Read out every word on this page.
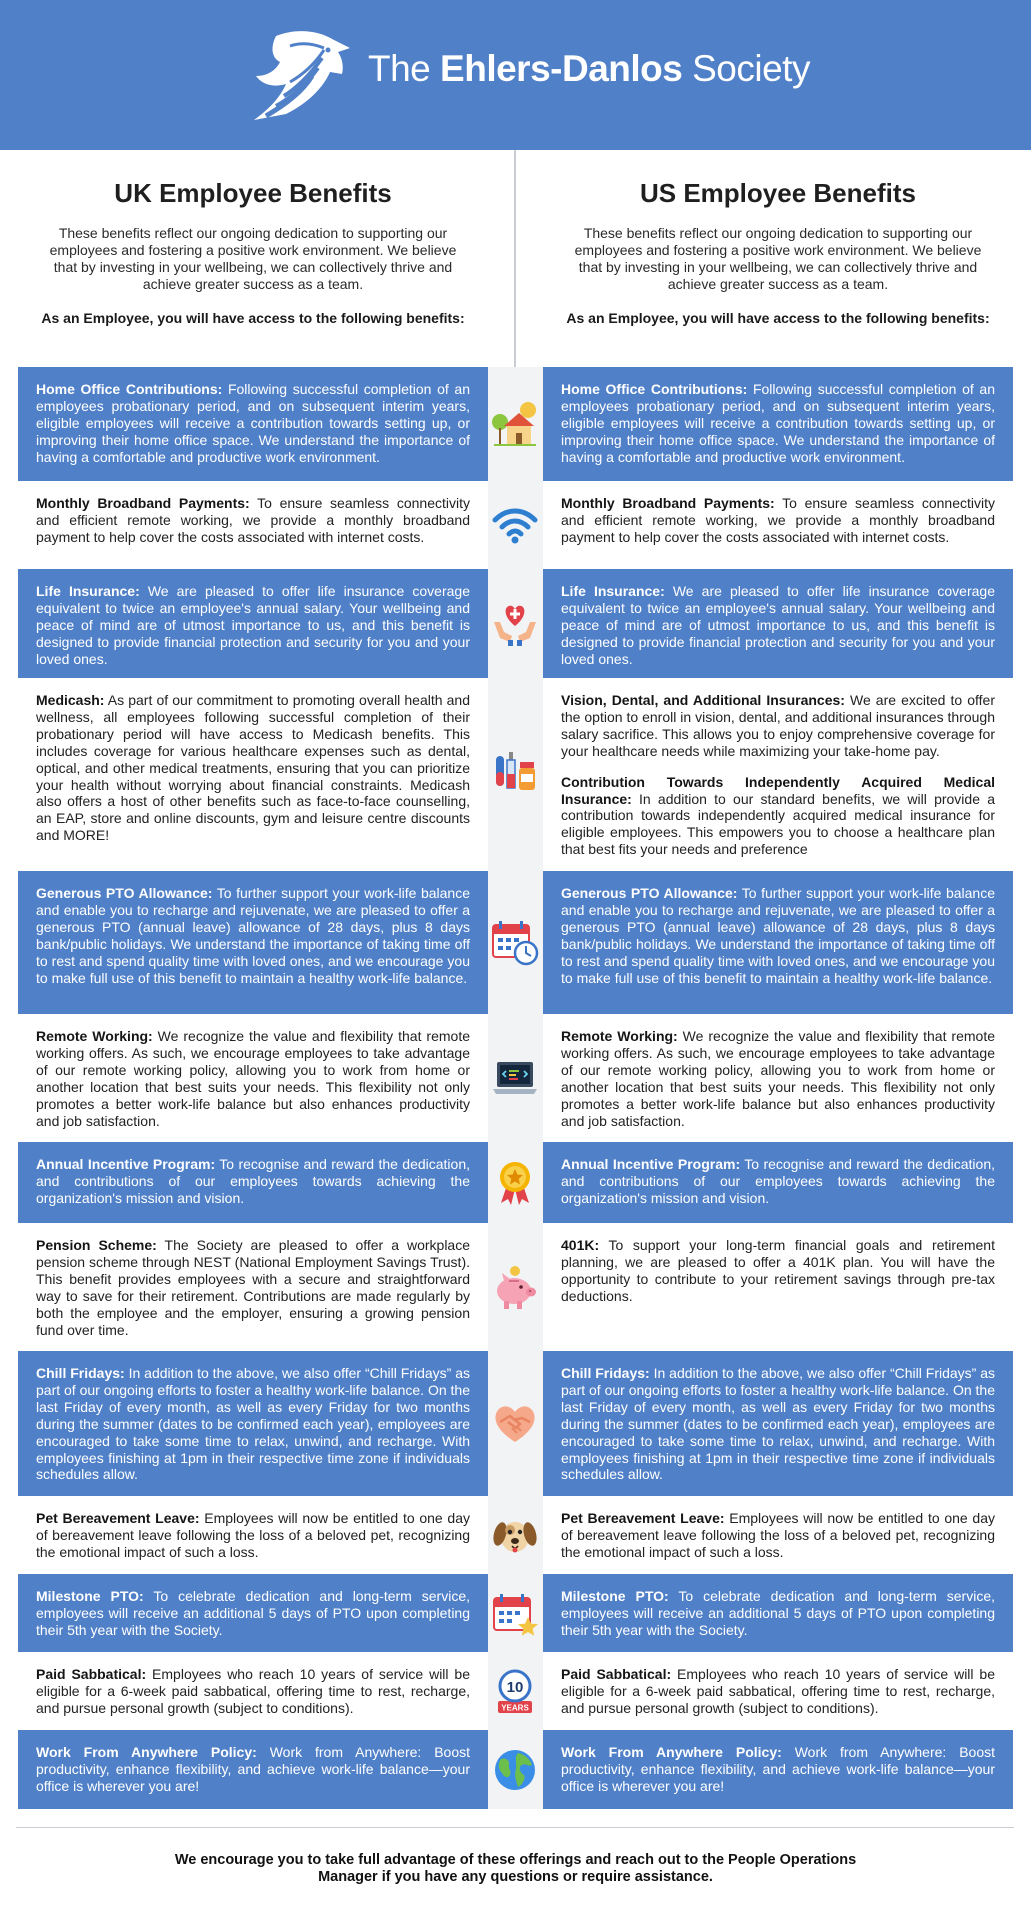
The Ehlers-Danlos Society
UK Employee Benefits
These benefits reflect our ongoing dedication to supporting our employees and fostering a positive work environment. We believe that by investing in your wellbeing, we can collectively thrive and achieve greater success as a team.
As an Employee, you will have access to the following benefits:
US Employee Benefits
These benefits reflect our ongoing dedication to supporting our employees and fostering a positive work environment. We believe that by investing in your wellbeing, we can collectively thrive and achieve greater success as a team.
As an Employee, you will have access to the following benefits:

Home Office Contributions: Following successful completion of an employees probationary period, and on subsequent interim years, eligible employees will receive a contribution towards setting up, or improving their home office space. We understand the importance of having a comfortable and productive work environment.

Monthly Broadband Payments: To ensure seamless connectivity and efficient remote working, we provide a monthly broadband payment to help cover the costs associated with internet costs.

Life Insurance: We are pleased to offer life insurance coverage equivalent to twice an employee's annual salary. Your wellbeing and peace of mind are of utmost importance to us, and this benefit is designed to provide financial protection and security for you and your loved ones.

Medicash: As part of our commitment to promoting overall health and wellness, all employees following successful completion of their probationary period will have access to Medicash benefits. This includes coverage for various healthcare expenses such as dental, optical, and other medical treatments, ensuring that you can prioritize your health without worrying about financial constraints. Medicash also offers a host of other benefits such as face-to-face counselling, an EAP, store and online discounts, gym and leisure centre discounts and MORE!

Generous PTO Allowance: To further support your work-life balance and enable you to recharge and rejuvenate, we are pleased to offer a generous PTO (annual leave) allowance of 28 days, plus 8 days bank/public holidays. We understand the importance of taking time off to rest and spend quality time with loved ones, and we encourage you to make full use of this benefit to maintain a healthy work-life balance.

Remote Working: We recognize the value and flexibility that remote working offers. As such, we encourage employees to take advantage of our remote working policy, allowing you to work from home or another location that best suits your needs. This flexibility not only promotes a better work-life balance but also enhances productivity and job satisfaction.

Annual Incentive Program: To recognise and reward the dedication, and contributions of our employees towards achieving the organization's mission and vision.

Pension Scheme: The Society are pleased to offer a workplace pension scheme through NEST (National Employment Savings Trust). This benefit provides employees with a secure and straightforward way to save for their retirement. Contributions are made regularly by both the employee and the employer, ensuring a growing pension fund over time.

Chill Fridays: In addition to the above, we also offer “Chill Fridays” as part of our ongoing efforts to foster a healthy work-life balance. On the last Friday of every month, as well as every Friday for two months during the summer (dates to be confirmed each year), employees are encouraged to take some time to relax, unwind, and recharge. With employees finishing at 1pm in their respective time zone if individuals schedules allow.

Pet Bereavement Leave: Employees will now be entitled to one day of bereavement leave following the loss of a beloved pet, recognizing the emotional impact of such a loss.

Milestone PTO: To celebrate dedication and long-term service, employees will receive an additional 5 days of PTO upon completing their 5th year with the Society.

Paid Sabbatical: Employees who reach 10 years of service will be eligible for a 6-week paid sabbatical, offering time to rest, recharge, and pursue personal growth (subject to conditions).

Work From Anywhere Policy: Work from Anywhere: Boost productivity, enhance flexibility, and achieve work-life balance—your office is wherever you are!

Home Office Contributions: Following successful completion of an employees probationary period, and on subsequent interim years, eligible employees will receive a contribution towards setting up, or improving their home office space. We understand the importance of having a comfortable and productive work environment.

Monthly Broadband Payments: To ensure seamless connectivity and efficient remote working, we provide a monthly broadband payment to help cover the costs associated with internet costs.

Life Insurance: We are pleased to offer life insurance coverage equivalent to twice an employee's annual salary. Your wellbeing and peace of mind are of utmost importance to us, and this benefit is designed to provide financial protection and security for you and your loved ones.

Vision, Dental, and Additional Insurances: We are excited to offer the option to enroll in vision, dental, and additional insurances through salary sacrifice. This allows you to enjoy comprehensive coverage for your healthcare needs while maximizing your take-home pay.

Contribution Towards Independently Acquired Medical Insurance: In addition to our standard benefits, we will provide a contribution towards independently acquired medical insurance for eligible employees. This empowers you to choose a healthcare plan that best fits your needs and preference

Generous PTO Allowance: To further support your work-life balance and enable you to recharge and rejuvenate, we are pleased to offer a generous PTO (annual leave) allowance of 28 days, plus 8 days bank/public holidays. We understand the importance of taking time off to rest and spend quality time with loved ones, and we encourage you to make full use of this benefit to maintain a healthy work-life balance.

Remote Working: We recognize the value and flexibility that remote working offers. As such, we encourage employees to take advantage of our remote working policy, allowing you to work from home or another location that best suits your needs. This flexibility not only promotes a better work-life balance but also enhances productivity and job satisfaction.

Annual Incentive Program: To recognise and reward the dedication, and contributions of our employees towards achieving the organization's mission and vision.

401K: To support your long-term financial goals and retirement planning, we are pleased to offer a 401K plan. You will have the opportunity to contribute to your retirement savings through pre-tax deductions.

Chill Fridays: In addition to the above, we also offer “Chill Fridays” as part of our ongoing efforts to foster a healthy work-life balance. On the last Friday of every month, as well as every Friday for two months during the summer (dates to be confirmed each year), employees are encouraged to take some time to relax, unwind, and recharge. With employees finishing at 1pm in their respective time zone if individuals schedules allow.

Pet Bereavement Leave: Employees will now be entitled to one day of bereavement leave following the loss of a beloved pet, recognizing the emotional impact of such a loss.

Milestone PTO: To celebrate dedication and long-term service, employees will receive an additional 5 days of PTO upon completing their 5th year with the Society.

Paid Sabbatical: Employees who reach 10 years of service will be eligible for a 6-week paid sabbatical, offering time to rest, recharge, and pursue personal growth (subject to conditions).

Work From Anywhere Policy: Work from Anywhere: Boost productivity, enhance flexibility, and achieve work-life balance—your office is wherever you are!

10
YEARS
We encourage you to take full advantage of these offerings and reach out to the People Operations Manager if you have any questions or require assistance.
